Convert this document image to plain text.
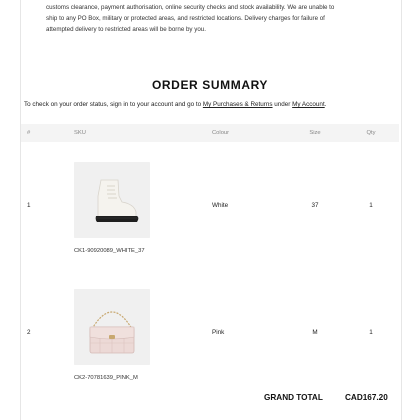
customs clearance, payment authorisation, online security checks and stock availability. We are unable to

ship to any PO Box, military or protected areas, and restricted locations. Delivery charges for failure of

attempted delivery to restricted areas will be borne by you.

ORDER SUMMARY
To check on your order status, sign in to your account and go to My Purchases & Returns under My Account.
#	SKU	Colour	Size	Qty
1	CK1-90920089_WHITE_37	White	37	1
2	CK2-70781639_PINK_M	Pink	M	1
GRAND TOTAL	CAD167.20
